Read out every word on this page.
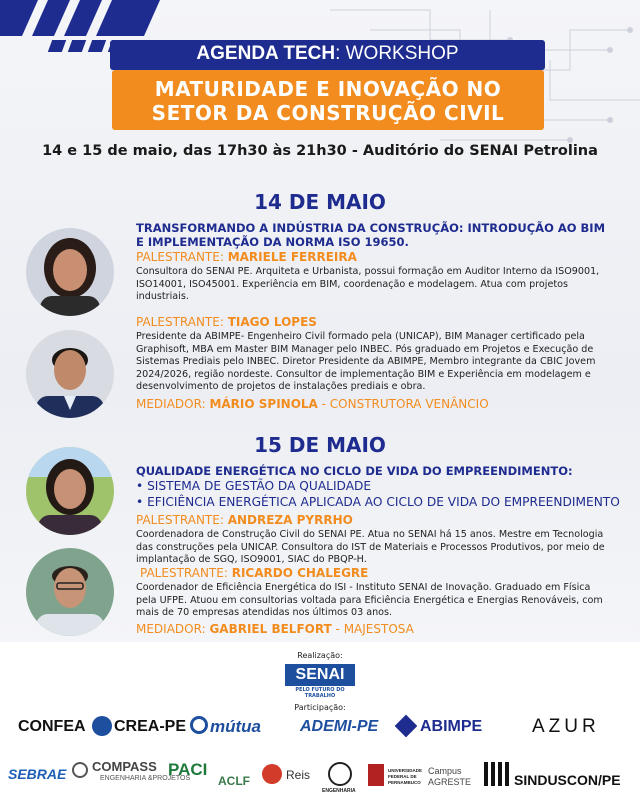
AGENDA TECH: WORKSHOP
MATURIDADE E INOVAÇÃO NO
SETOR DA CONSTRUÇÃO CIVIL
14 e 15 de maio, das 17h30 às 21h30 - Auditório do SENAI Petrolina
14 DE MAIO
TRANSFORMANDO A INDÚSTRIA DA CONSTRUÇÃO: INTRODUÇÃO AO BIM
E IMPLEMENTAÇÃO DA NORMA ISO 19650.
PALESTRANTE: MARIELE FERREIRA
Consultora do SENAI PE. Arquiteta e Urbanista, possui formação em Auditor Interno da ISO9001, ISO14001, ISO45001. Experiência em BIM, coordenação e modelagem. Atua com projetos industriais.
PALESTRANTE: TIAGO LOPES
Presidente da ABIMPE- Engenheiro Civil formado pela (UNICAP), BIM Manager certificado pela Graphisoft, MBA em Master BIM Manager pelo INBEC. Pós graduado em Projetos e Execução de Sistemas Prediais pelo INBEC. Diretor Presidente da ABIMPE, Membro integrante da CBIC Jovem 2024/2026, região nordeste. Consultor de implementação BIM e Experiência em modelagem e desenvolvimento de projetos de instalações prediais e obra.
MEDIADOR: MÁRIO SPINOLA - CONSTRUTORA VENÂNCIO
15 DE MAIO
QUALIDADE ENERGÉTICA NO CICLO DE VIDA DO EMPREENDIMENTO:
• SISTEMA DE GESTÃO DA QUALIDADE
• EFICIÊNCIA ENERGÉTICA APLICADA AO CICLO DE VIDA DO EMPREENDIMENTO
PALESTRANTE: ANDREZA PYRRHO
Coordenadora de Construção Civil do SENAI PE. Atua no SENAI há 15 anos. Mestre em Tecnologia das construções pela UNICAP. Consultora do IST de Materiais e Processos Produtivos, por meio de implantação de SGQ, ISO9001, SIAC do PBQP-H.
PALESTRANTE: RICARDO CHALEGRE
Coordenador de Eficiência Energética do ISI - Instituto SENAI de Inovação. Graduado em Física pela UFPE. Atuou em consultorias voltada para Eficiência Energética e Energias Renováveis, com mais de 70 empresas atendidas nos últimos 03 anos.
MEDIADOR: GABRIEL BELFORT - MAJESTOSA
Realização:
SENAI
PELO FUTURO DO TRABALHO
Participação:
CONFEA CREA-PE mútua ADEMI-PE	ABIMPE	AZUR
SEBRAE COMPASS
ENGENHARIA &PROJETOS
PACI
ACLF	Reis
ENGENHARIA
UNIVERSIDADE FEDERAL DE PERNAMBUCO
Campus AGRESTE	SINDUSCON/PE
